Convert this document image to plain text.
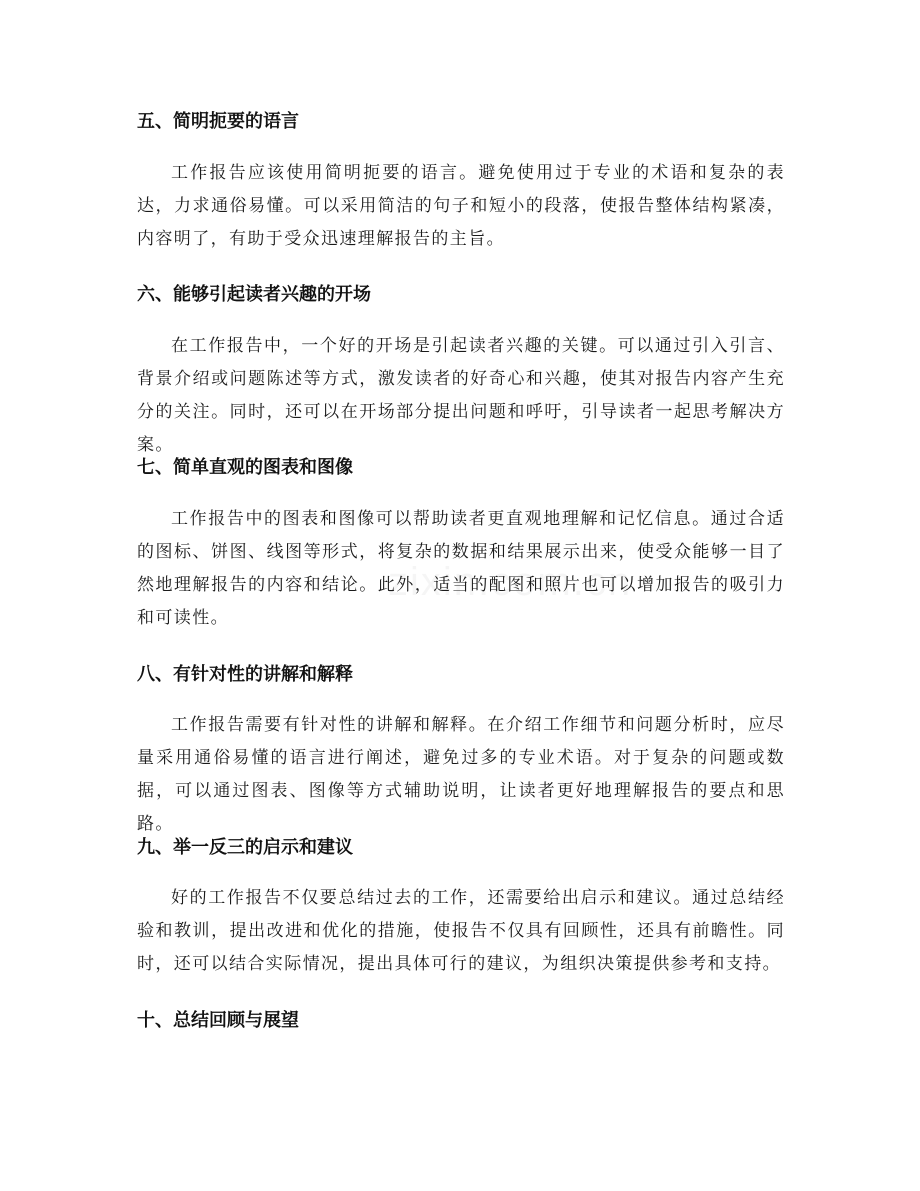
五、简明扼要的语言
工作报告应该使用简明扼要的语言。避免使用过于专业的术语和复杂的表达，力求通俗易懂。可以采用简洁的句子和短小的段落，使报告整体结构紧凑，内容明了，有助于受众迅速理解报告的主旨。
六、能够引起读者兴趣的开场
在工作报告中，一个好的开场是引起读者兴趣的关键。可以通过引入引言、背景介绍或问题陈述等方式，激发读者的好奇心和兴趣，使其对报告内容产生充分的关注。同时，还可以在开场部分提出问题和呼吁，引导读者一起思考解决方案。
七、简单直观的图表和图像
工作报告中的图表和图像可以帮助读者更直观地理解和记忆信息。通过合适的图标、饼图、线图等形式，将复杂的数据和结果展示出来，使受众能够一目了然地理解报告的内容和结论。此外，适当的配图和照片也可以增加报告的吸引力和可读性。
八、有针对性的讲解和解释
工作报告需要有针对性的讲解和解释。在介绍工作细节和问题分析时，应尽量采用通俗易懂的语言进行阐述，避免过多的专业术语。对于复杂的问题或数据，可以通过图表、图像等方式辅助说明，让读者更好地理解报告的要点和思路。
九、举一反三的启示和建议
好的工作报告不仅要总结过去的工作，还需要给出启示和建议。通过总结经验和教训，提出改进和优化的措施，使报告不仅具有回顾性，还具有前瞻性。同时，还可以结合实际情况，提出具体可行的建议，为组织决策提供参考和支持。
十、总结回顾与展望
